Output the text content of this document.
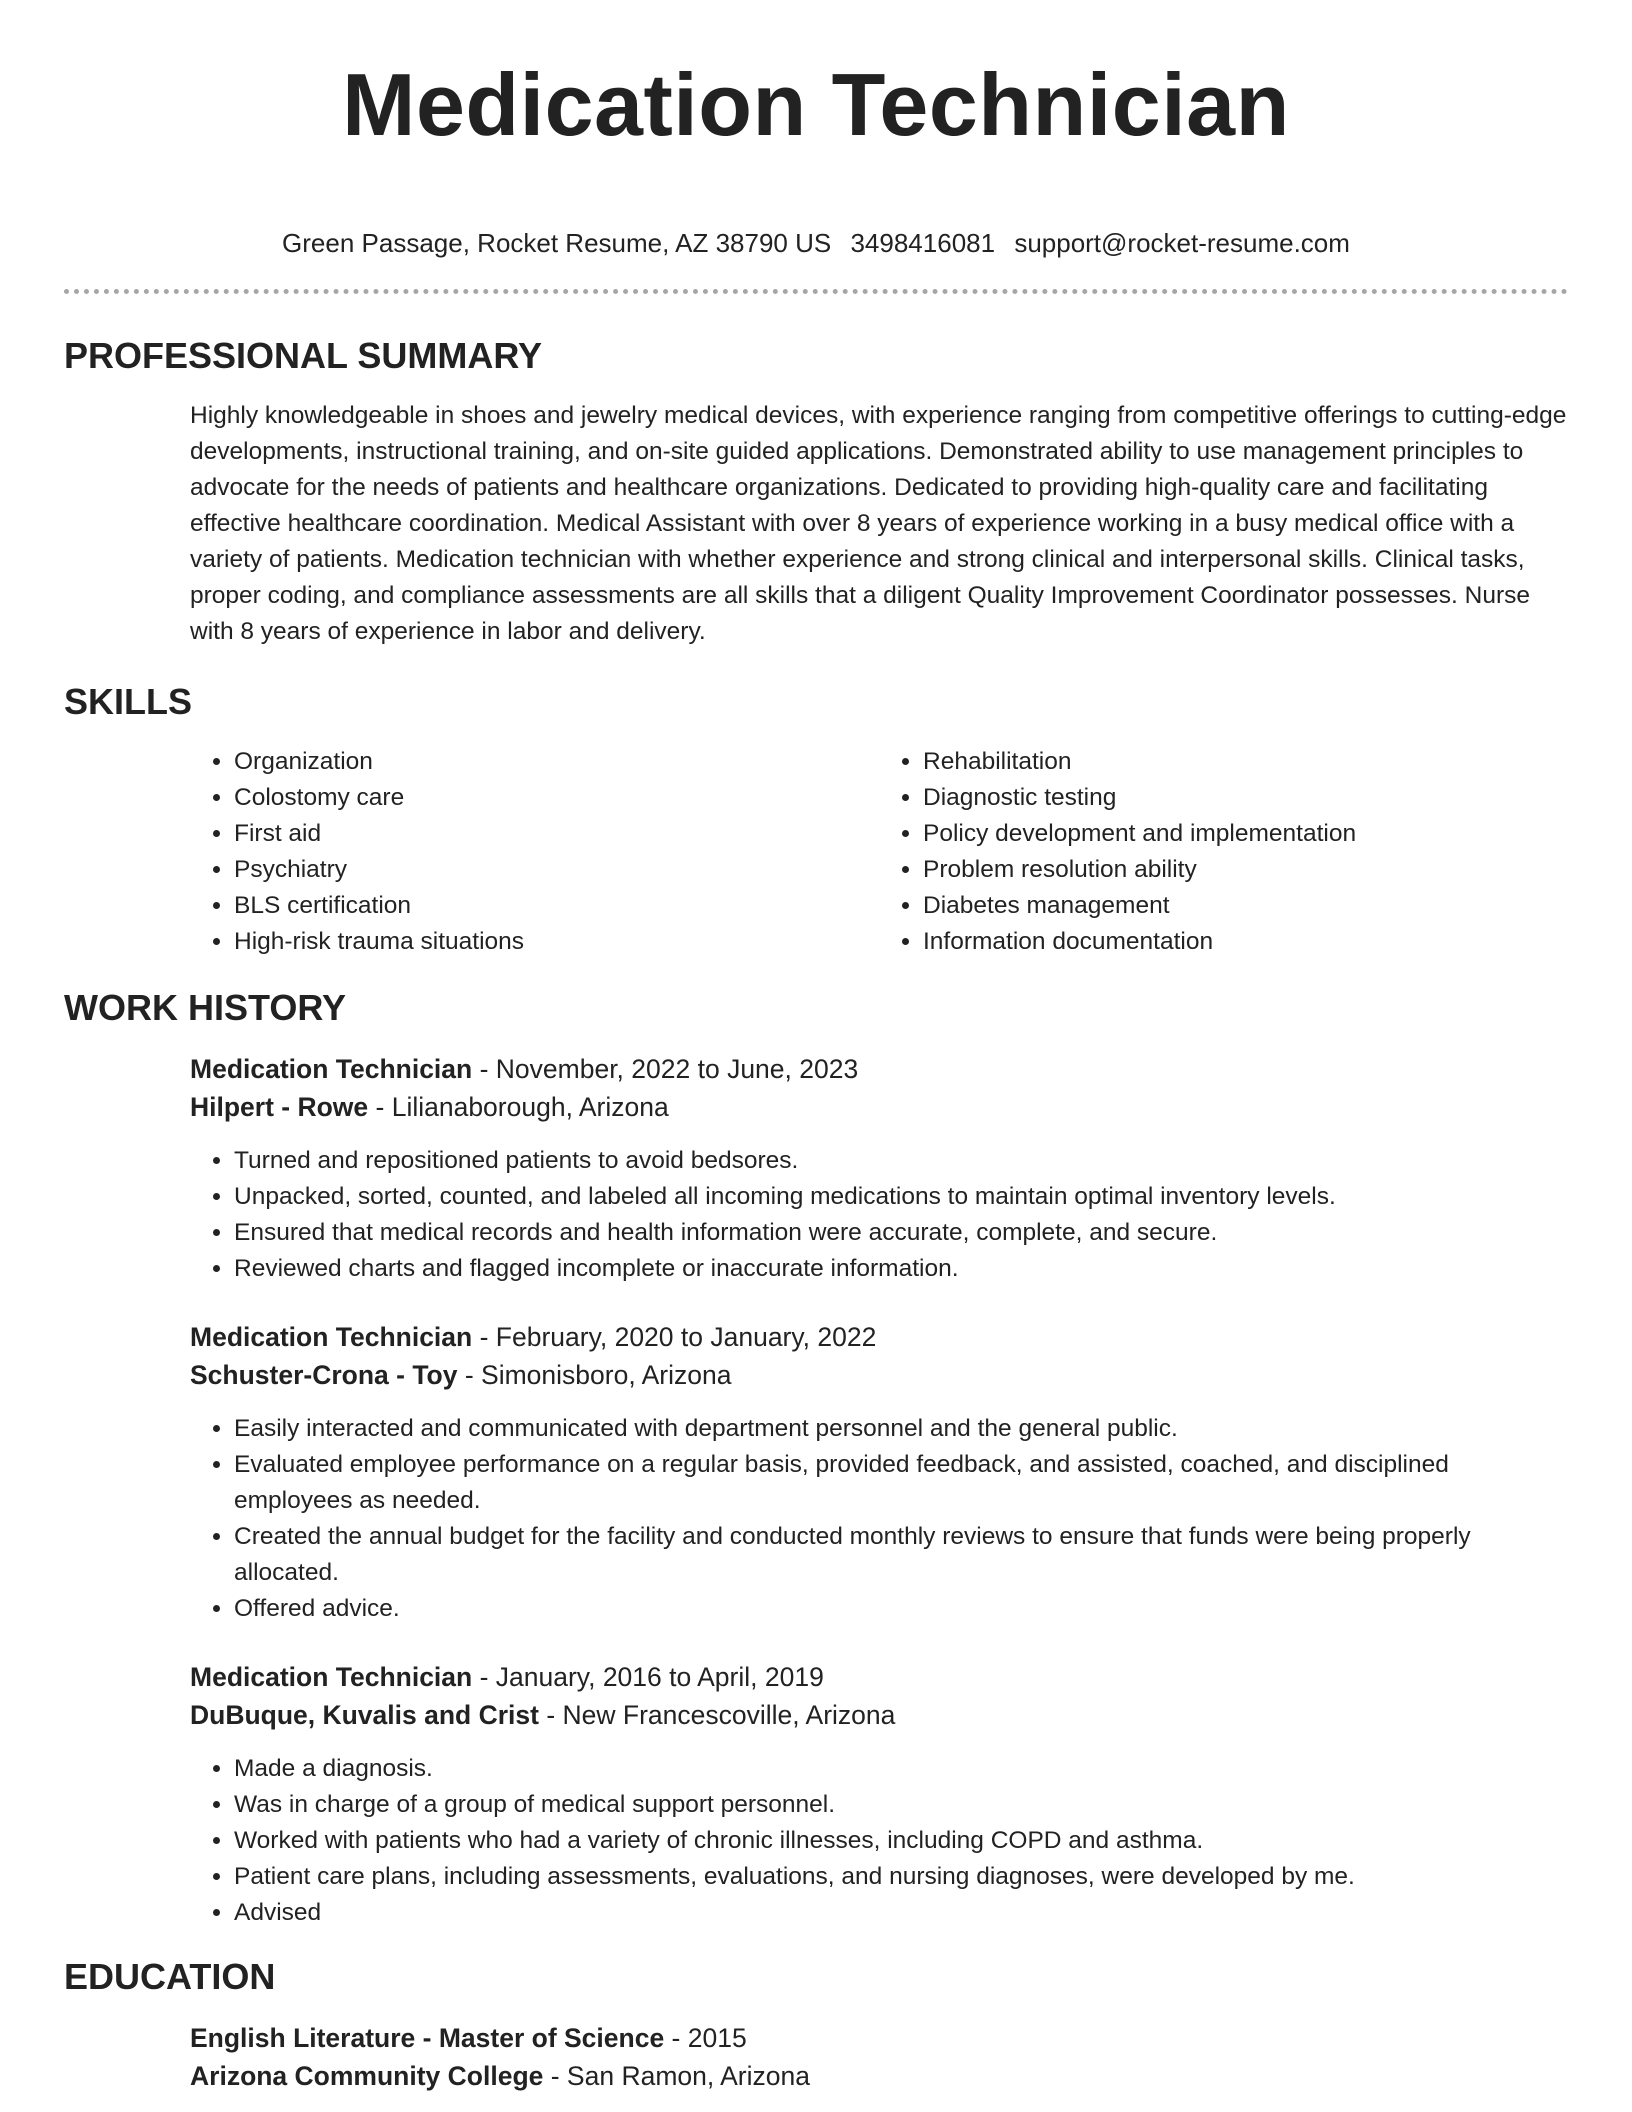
Medication Technician
Green Passage, Rocket Resume, AZ 38790 US 3498416081 support@rocket-resume.com
PROFESSIONAL SUMMARY

Highly knowledgeable in shoes and jewelry medical devices, with experience ranging from competitive offerings to cutting-edge developments, instructional training, and on-site guided applications. Demonstrated ability to use management principles to advocate for the needs of patients and healthcare organizations. Dedicated to providing high-quality care and facilitating effective healthcare coordination. Medical Assistant with over 8 years of experience working in a busy medical office with a variety of patients. Medication technician with whether experience and strong clinical and interpersonal skills. Clinical tasks, proper coding, and compliance assessments are all skills that a diligent Quality Improvement Coordinator possesses. Nurse with 8 years of experience in labor and delivery.

SKILLS
• Organization
• Colostomy care
• First aid
• Psychiatry
• BLS certification
• High-risk trauma situations
• Rehabilitation
• Diagnostic testing
• Policy development and implementation
• Problem resolution ability
• Diabetes management
• Information documentation
WORK HISTORY

Medication Technician - November, 2022 to June, 2023

Hilpert - Rowe - Lilianaborough, Arizona

• Turned and repositioned patients to avoid bedsores.
• Unpacked, sorted, counted, and labeled all incoming medications to maintain optimal inventory levels.
• Ensured that medical records and health information were accurate, complete, and secure.
• Reviewed charts and flagged incomplete or inaccurate information.

Medication Technician - February, 2020 to January, 2022

Schuster-Crona - Toy - Simonisboro, Arizona

• Easily interacted and communicated with department personnel and the general public.
• Evaluated employee performance on a regular basis, provided feedback, and assisted, coached, and disciplined employees as needed.
• Created the annual budget for the facility and conducted monthly reviews to ensure that funds were being properly allocated.
• Offered advice.

Medication Technician - January, 2016 to April, 2019

DuBuque, Kuvalis and Crist - New Francescoville, Arizona

• Made a diagnosis.
• Was in charge of a group of medical support personnel.
• Worked with patients who had a variety of chronic illnesses, including COPD and asthma.
• Patient care plans, including assessments, evaluations, and nursing diagnoses, were developed by me.
• Advised
EDUCATION

English Literature - Master of Science - 2015

Arizona Community College - San Ramon, Arizona
